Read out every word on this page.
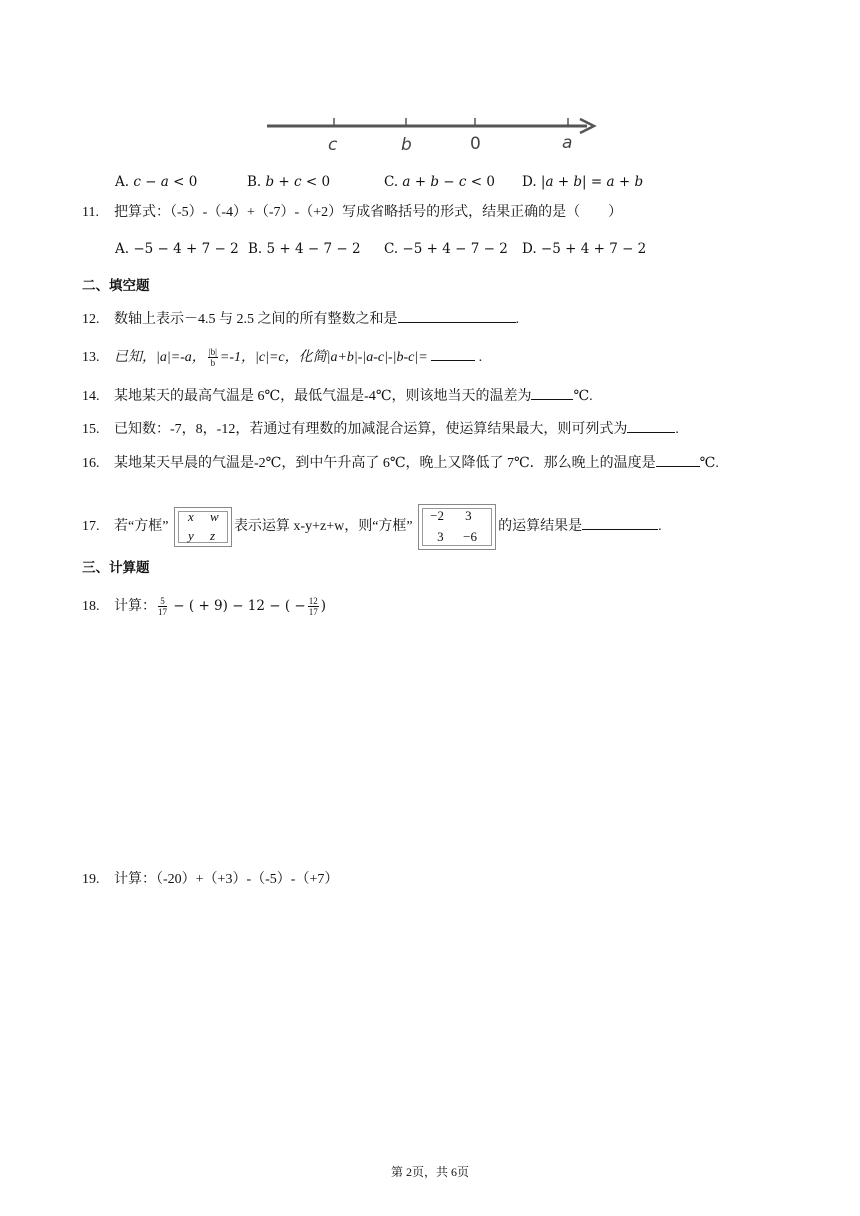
c	b	0	a
A. 𝑐 − 𝑎 < 0	B. 𝑏 + 𝑐 < 0	C. 𝑎 + 𝑏 − 𝑐 < 0 D. |𝑎 + 𝑏| = 𝑎 + 𝑏
11. 把算式：（-5）-（-4）+（-7）-（+2）写成省略括号的形式，结果正确的是（　　）
A. −5 − 4 + 7 − 2 B. 5 + 4 − 7 − 2 C. −5 + 4 − 7 − 2 D. −5 + 4 + 7 − 2
二、填空题
12. 数轴上表示－4.5 与 2.5 之间的所有整数之和是	.
13. 已知，|a|=-a， $\frac{|b|}{b} =-1$，|c|=c，化简|a+b|-|a-c|-|b-c|=	.
14. 某地某天的最高气温是 6℃，最低气温是-4℃，则该地当天的温差为	℃.
15. 已知数：-7，8，-12，若通过有理数的加减混合运算，使运算结果最大，则可列式为	.
16. 某地某天早晨的气温是-2℃，到中午升高了 6℃，晚上又降低了 7℃．那么晚上的温度是	℃.
17. 若“方框”
x w
y z
表示运算 x-y+z+w，则“方框”
−2 3
3 −6
的运算结果是	.
三、计算题
18. 计算： $\frac{5}{17}$ − ( + 9) − 12 − ( − $\frac{12}{17}$ )
19. 计算：（-20）+（+3）-（-5）-（+7）
第 2页，共 6页
